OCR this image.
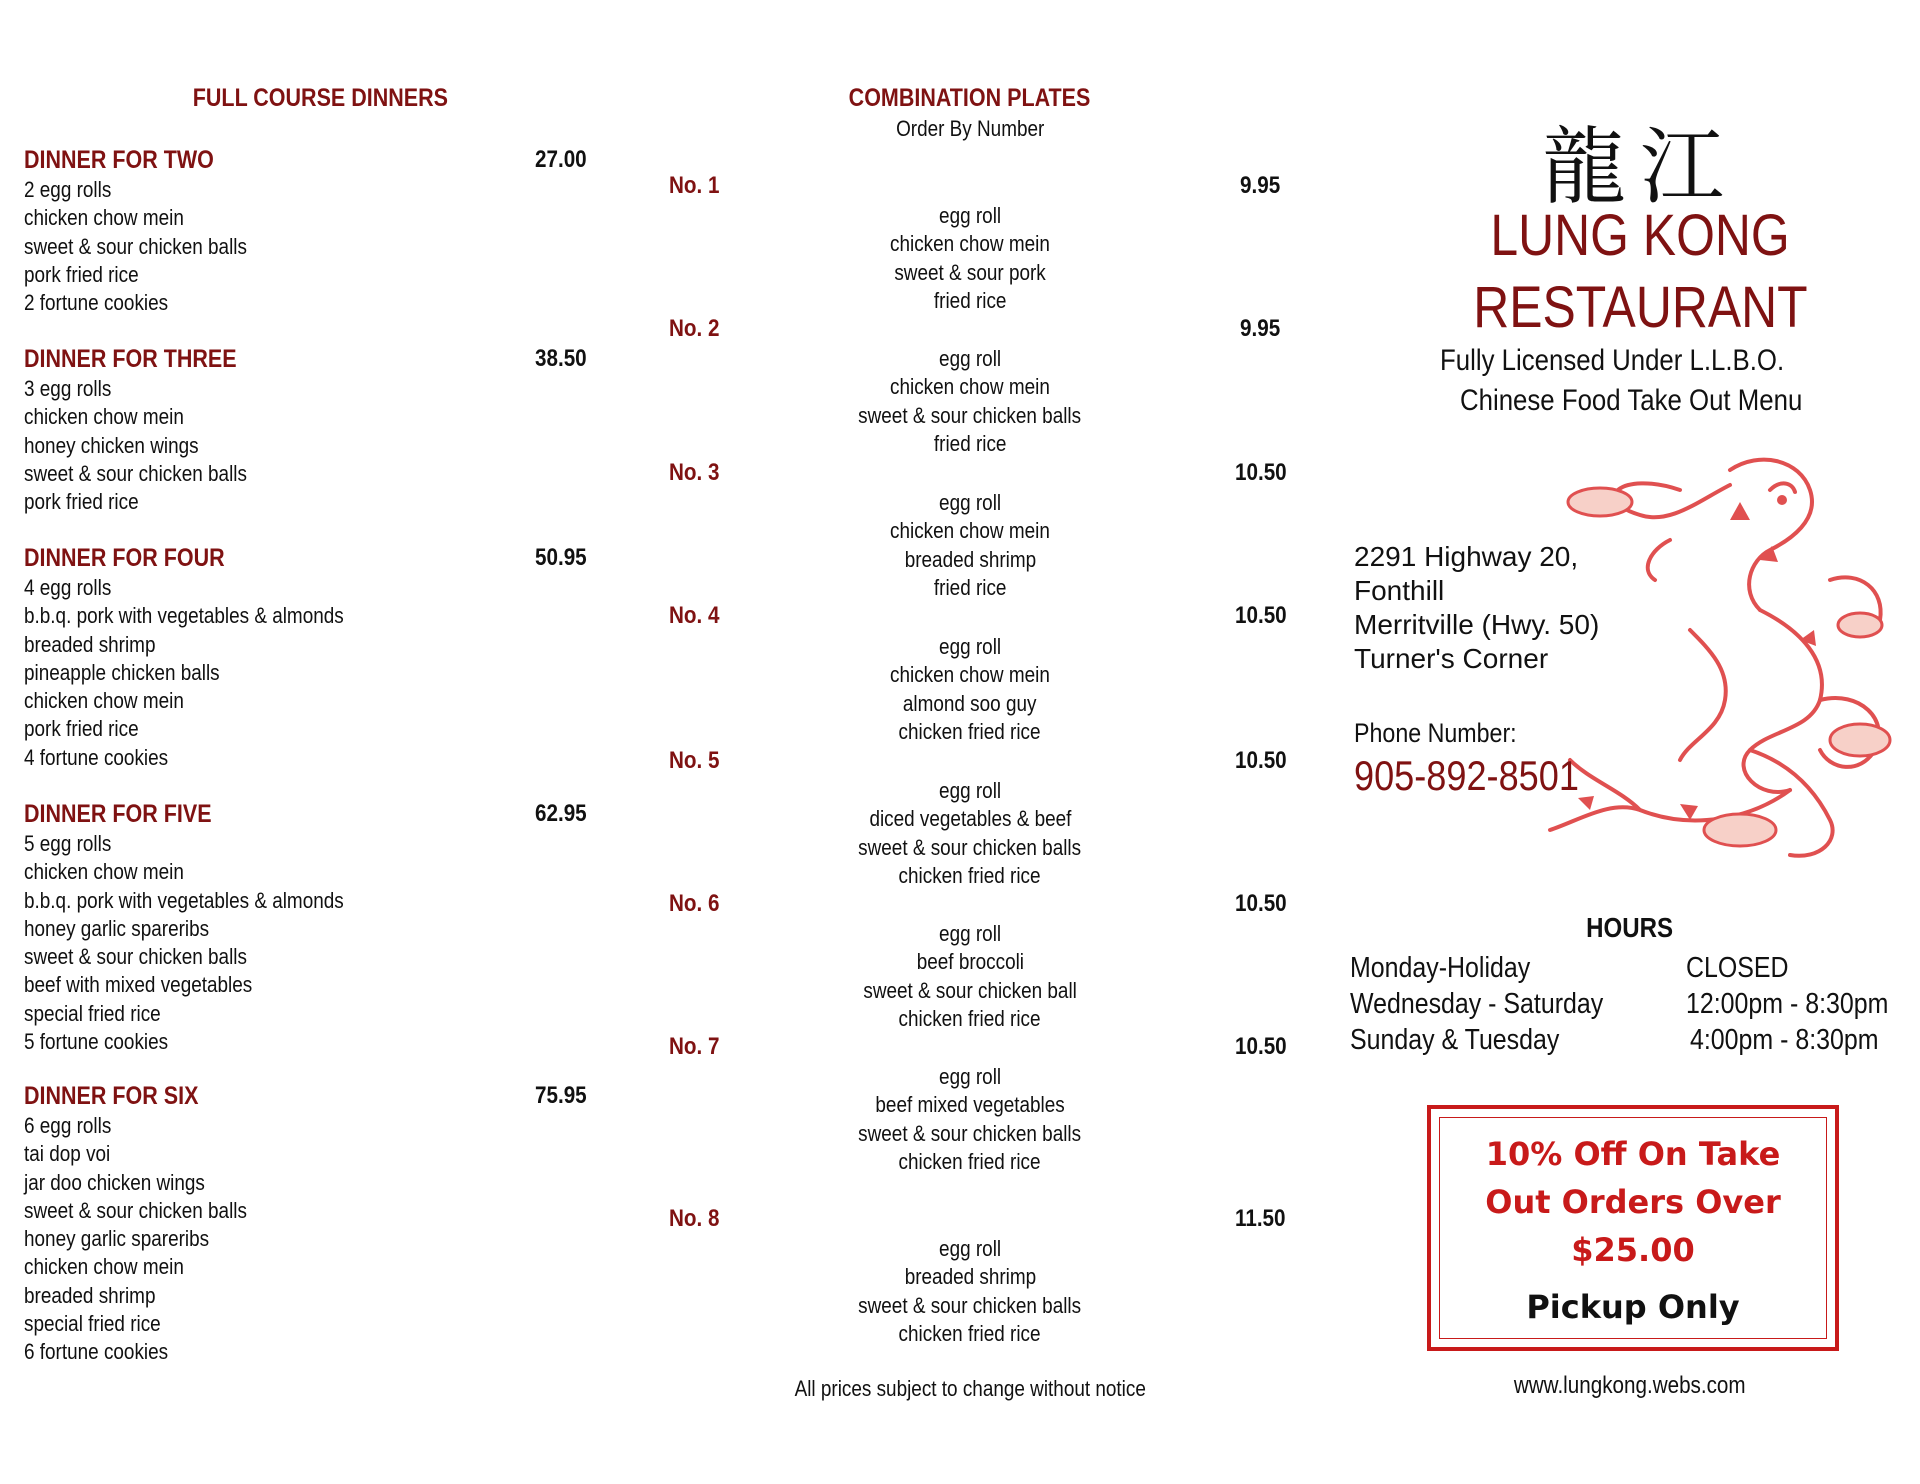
FULL COURSE DINNERS
DINNER FOR TWO	27.00
2 egg rolls
chicken chow mein
sweet & sour chicken balls
pork fried rice
2 fortune cookies
DINNER FOR THREE	38.50
3 egg rolls
chicken chow mein
honey chicken wings
sweet & sour chicken balls
pork fried rice
DINNER FOR FOUR	50.95
4 egg rolls
b.b.q. pork with vegetables & almonds
breaded shrimp
pineapple chicken balls
chicken chow mein
pork fried rice
4 fortune cookies
DINNER FOR FIVE	62.95
5 egg rolls
chicken chow mein
b.b.q. pork with vegetables & almonds
honey garlic spareribs
sweet & sour chicken balls
beef with mixed vegetables
special fried rice
5 fortune cookies
DINNER FOR SIX	75.95
6 egg rolls
tai dop voi
jar doo chicken wings
sweet & sour chicken balls
honey garlic spareribs
chicken chow mein
breaded shrimp
special fried rice
6 fortune cookies
COMBINATION PLATES
Order By Number
No. 1	9.95
egg roll
chicken chow mein
sweet & sour pork
fried rice
No. 2	9.95
egg roll
chicken chow mein
sweet & sour chicken balls
fried rice
No. 3	10.50
egg roll
chicken chow mein
breaded shrimp
fried rice
No. 4	10.50
egg roll
chicken chow mein
almond soo guy
chicken fried rice
No. 5	10.50
egg roll
diced vegetables & beef
sweet & sour chicken balls
chicken fried rice
No. 6	10.50
egg roll
beef broccoli
sweet & sour chicken ball
chicken fried rice
No. 7	10.50
egg roll
beef mixed vegetables
sweet & sour chicken balls
chicken fried rice
No. 8	11.50
egg roll
breaded shrimp
sweet & sour chicken balls
chicken fried rice
All prices subject to change without notice
龍江
LUNG KONG
RESTAURANT
Fully Licensed Under L.L.B.O.
Chinese Food Take Out Menu
2291 Highway 20,
Fonthill
Merritville (Hwy. 50)
Turner's Corner
Phone Number:
905-892-8501
HOURS
Monday-Holiday	CLOSED
Wednesday - Saturday	12:00pm - 8:30pm
Sunday & Tuesday	4:00pm - 8:30pm
10% Off On Take
Out Orders Over
$25.00
Pickup Only
www.lungkong.webs.com
